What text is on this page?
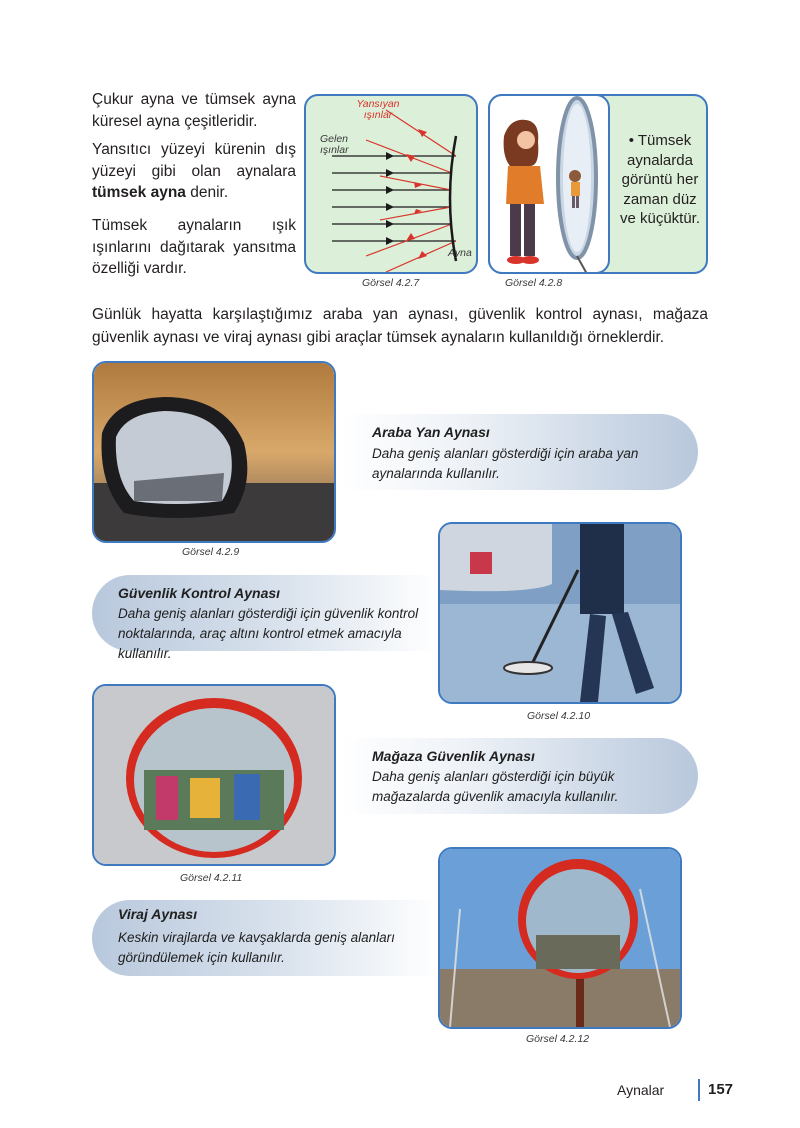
Çukur ayna ve tümsek ayna küresel ayna çeşitleridir.

Yansıtıcı yüzeyi kürenin dış yüzeyi gibi olan aynalara tümsek ayna denir.

Tümsek aynaların ışık ışınlarını dağıtarak yansıtma özelliği vardır.

Yansıyan
ışınlar
Gelen
ışınlar
Ayna
Görsel 4.2.7
• Tümsek aynalarda görüntü her zaman düz ve küçüktür.
Görsel 4.2.8

Günlük hayatta karşılaştığımız araba yan aynası, güvenlik kontrol aynası, mağaza güvenlik aynası ve viraj aynası gibi araçlar tümsek aynaların kullanıldığı örneklerdir.

Araba Yan Aynası
Daha geniş alanları gösterdiği için araba yan aynalarında kullanılır.
Görsel 4.2.9
Güvenlik Kontrol Aynası
Daha geniş alanları gösterdiği için güvenlik kontrol noktalarında, araç altını kontrol etmek amacıyla kullanılır.
Görsel 4.2.10
Mağaza Güvenlik Aynası
Daha geniş alanları gösterdiği için büyük mağazalarda güvenlik amacıyla kullanılır.
Görsel 4.2.11
Viraj Aynası
Keskin virajlarda ve kavşaklarda geniş alanları göründülemek için kullanılır.
Görsel 4.2.12
Aynalar	157
